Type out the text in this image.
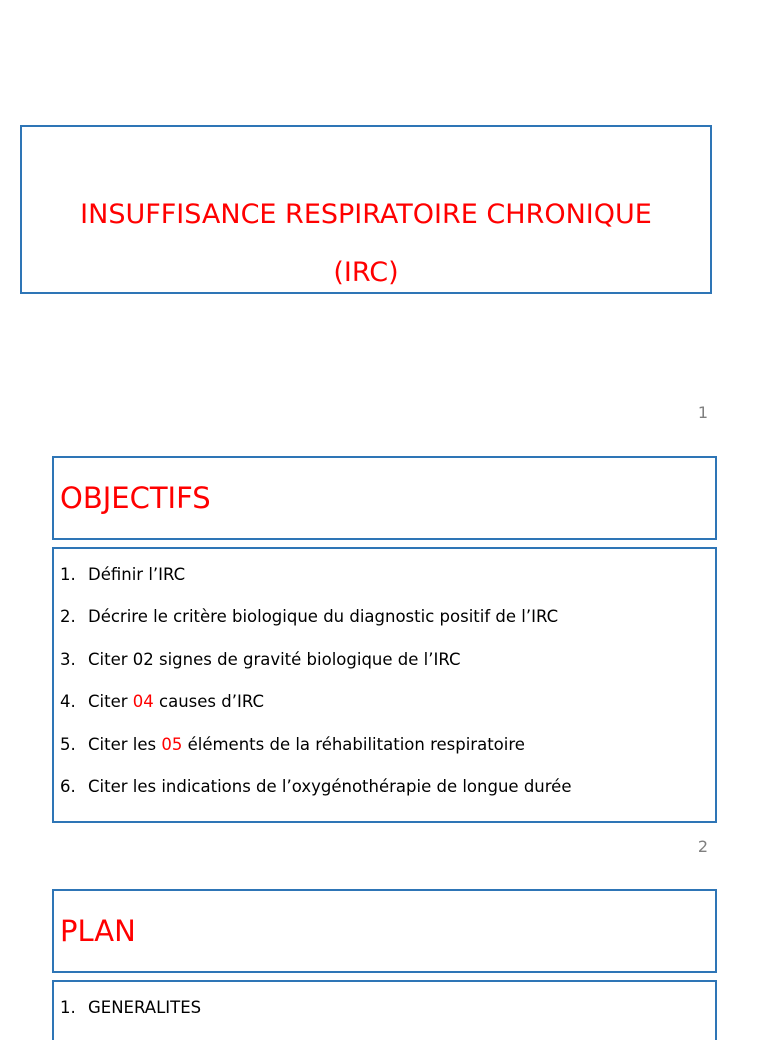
INSUFFISANCE RESPIRATOIRE CHRONIQUE
(IRC)
1
OBJECTIFS
1. Définir l’IRC
2. Décrire le critère biologique du diagnostic positif de l’IRC
3. Citer 02 signes de gravité biologique de l’IRC
4. Citer 04 causes d’IRC
5. Citer les 05 éléments de la réhabilitation respiratoire
6. Citer les indications de l’oxygénothérapie de longue durée
2
PLAN
1. GENERALITES
